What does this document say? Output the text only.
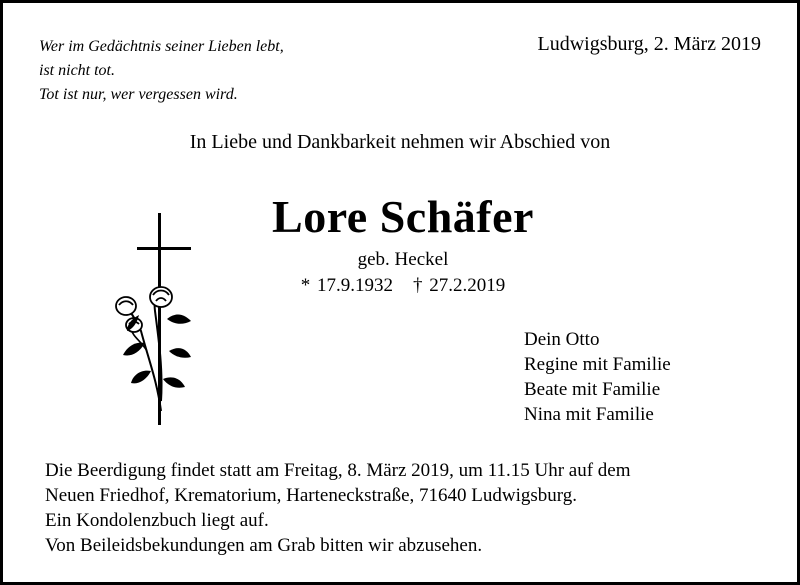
Wer im Gedächtnis seiner Lieben lebt,
ist nicht tot.
Tot ist nur, wer vergessen wird.
Ludwigsburg, 2. März 2019
In Liebe und Dankbarkeit nehmen wir Abschied von
Lore Schäfer
geb. Heckel
* 17.9.1932 † 27.2.2019
Dein Otto
Regine mit Familie
Beate mit Familie
Nina mit Familie
Die Beerdigung findet statt am Freitag, 8. März 2019, um 11.15 Uhr auf dem
Neuen Friedhof, Krematorium, Harteneckstraße, 71640 Ludwigsburg.
Ein Kondolenzbuch liegt auf.
Von Beileidsbekundungen am Grab bitten wir abzusehen.
